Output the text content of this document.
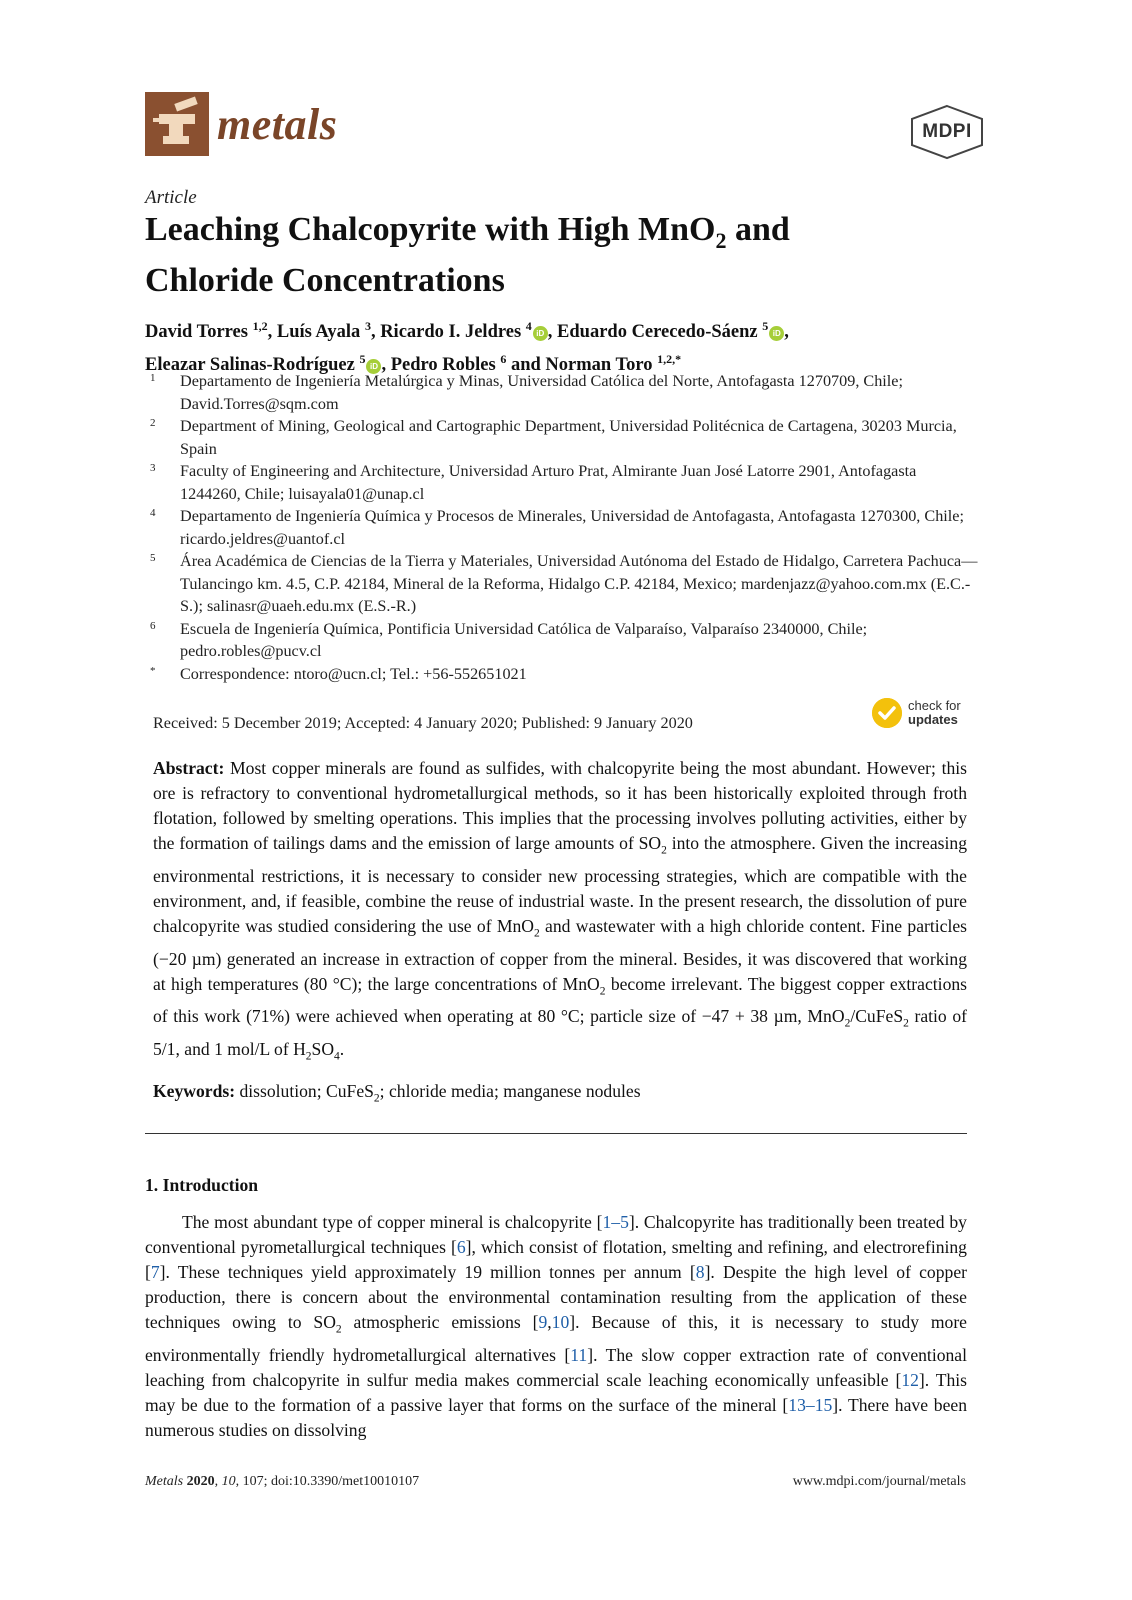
metals	MDPI
Article
Leaching Chalcopyrite with High MnO$_2$ and
Chloride Concentrations
David Torres $^{1,2}$, Luís Ayala $^3$, Ricardo I. Jeldres $^4$iD , Eduardo Cerecedo-Sáenz $^5$iD ,
Eleazar Salinas-Rodríguez $^5$iD , Pedro Robles $^6$ and Norman Toro $^{1,2,*}$
1	Departamento de Ingeniería Metalúrgica y Minas, Universidad Católica del Norte, Antofagasta 1270709, Chile; David.Torres@sqm.com
2	Department of Mining, Geological and Cartographic Department, Universidad Politécnica de Cartagena, 30203 Murcia, Spain
3	Faculty of Engineering and Architecture, Universidad Arturo Prat, Almirante Juan José Latorre 2901, Antofagasta 1244260, Chile; luisayala01@unap.cl
4	Departamento de Ingeniería Química y Procesos de Minerales, Universidad de Antofagasta, Antofagasta 1270300, Chile; ricardo.jeldres@uantof.cl
5	Área Académica de Ciencias de la Tierra y Materiales, Universidad Autónoma del Estado de Hidalgo, Carretera Pachuca—Tulancingo km. 4.5, C.P. 42184, Mineral de la Reforma, Hidalgo C.P. 42184, Mexico; mardenjazz@yahoo.com.mx (E.C.-S.); salinasr@uaeh.edu.mx (E.S.-R.)
6	Escuela de Ingeniería Química, Pontificia Universidad Católica de Valparaíso, Valparaíso 2340000, Chile; pedro.robles@pucv.cl
*	Correspondence: ntoro@ucn.cl; Tel.: +56-552651021
Received: 5 December 2019; Accepted: 4 January 2020; Published: 9 January 2020
check for
updates
Abstract: Most copper minerals are found as sulfides, with chalcopyrite being the most abundant. However; this ore is refractory to conventional hydrometallurgical methods, so it has been historically exploited through froth flotation, followed by smelting operations. This implies that the processing involves polluting activities, either by the formation of tailings dams and the emission of large amounts of $SO_2$ into the atmosphere. Given the increasing environmental restrictions, it is necessary to consider new processing strategies, which are compatible with the environment, and, if feasible, combine the reuse of industrial waste. In the present research, the dissolution of pure chalcopyrite was studied considering the use of MnO$_2$ and wastewater with a high chloride content. Fine particles (−20 µm) generated an increase in extraction of copper from the mineral. Besides, it was discovered that working at high temperatures (80 °C); the large concentrations of MnO$_2$ become irrelevant. The biggest copper extractions of this work (71%) were achieved when operating at 80 °C; particle size of −47 + 38 µm, MnO$_2$/CuFeS$_2$ ratio of 5/1, and 1 mol/L of $H_2SO_4$.
Keywords: dissolution; CuFeS$_2$; chloride media; manganese nodules
1. Introduction
The most abundant type of copper mineral is chalcopyrite [1–5]. Chalcopyrite has traditionally been treated by conventional pyrometallurgical techniques [6], which consist of flotation, smelting and refining, and electrorefining [7]. These techniques yield approximately 19 million tonnes per annum [8]. Despite the high level of copper production, there is concern about the environmental contamination resulting from the application of these techniques owing to $SO_2$ atmospheric emissions [9,10]. Because of this, it is necessary to study more environmentally friendly hydrometallurgical alternatives [11]. The slow copper extraction rate of conventional leaching from chalcopyrite in sulfur media makes commercial scale leaching economically unfeasible [12]. This may be due to the formation of a passive layer that forms on the surface of the mineral [13–15]. There have been numerous studies on dissolving
Metals 2020, 10, 107; doi:10.3390/met10010107	www.mdpi.com/journal/metals
